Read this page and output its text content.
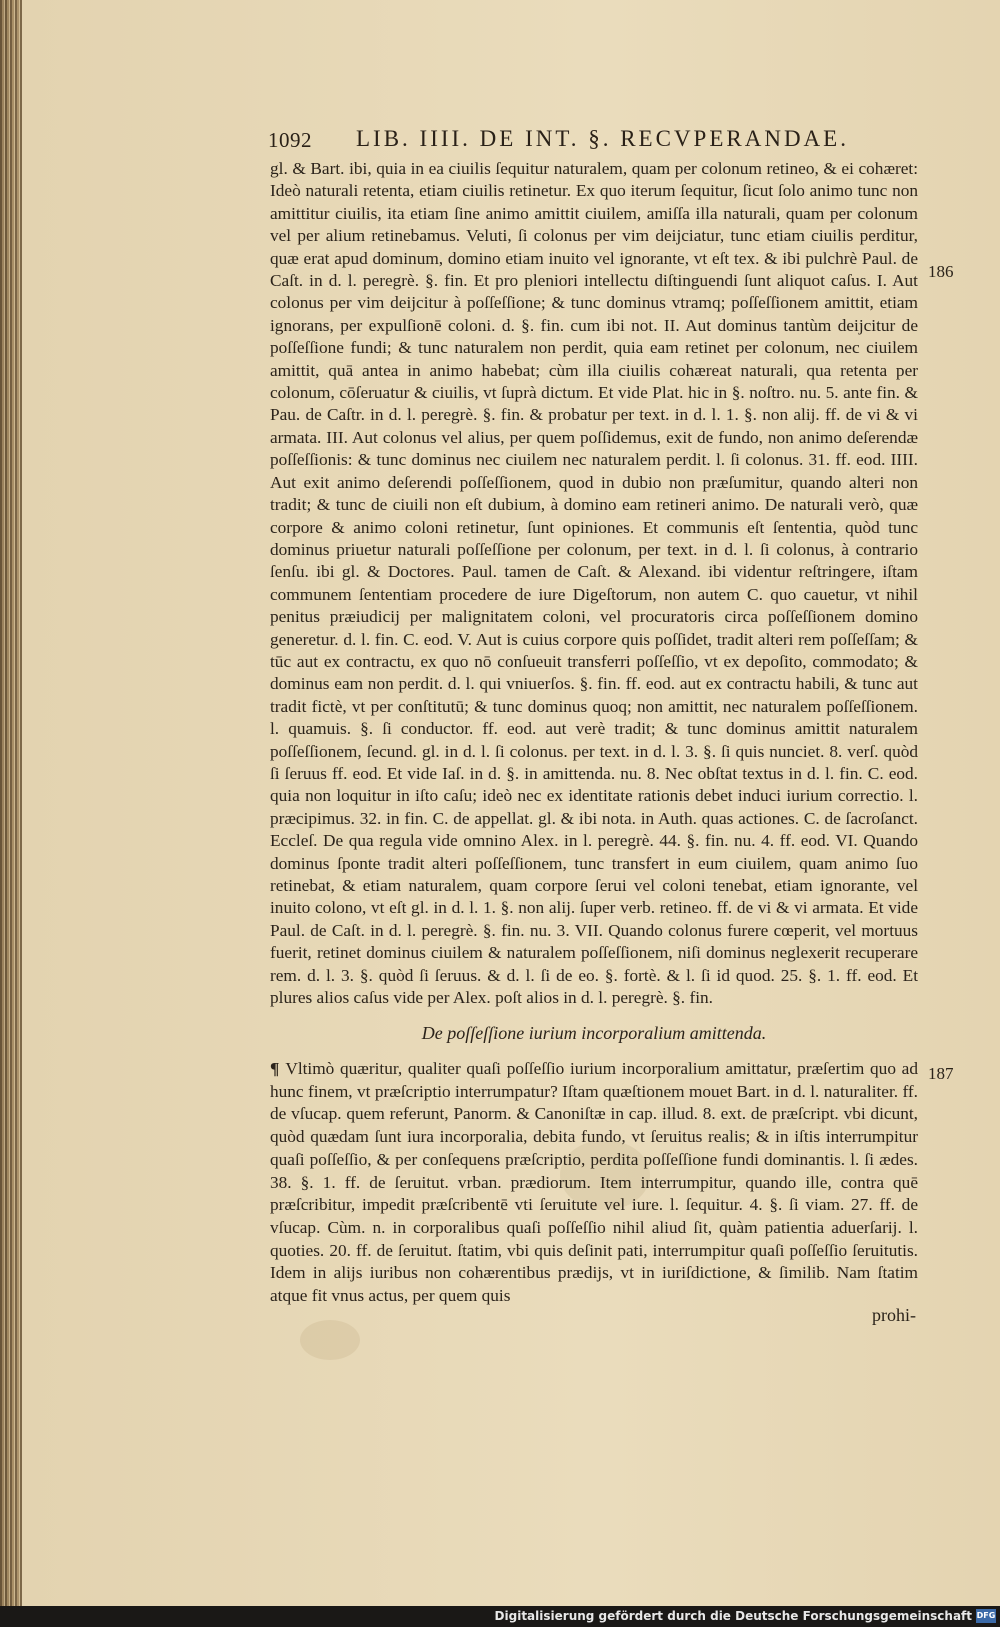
1092 LIB. IIII. DE INT. §. RECVPERANDAE.

gl. & Bart. ibi, quia in ea ciuilis ſequitur naturalem, quam per colonum retineo, & ei cohæret: Ideò naturali retenta, etiam ciuilis retinetur. Ex quo iterum ſequitur, ſicut ſolo animo tunc non amittitur ciuilis, ita etiam ſine animo amittit ciuilem, amiſſa illa naturali, quam per colonum vel per alium retinebamus. Veluti, ſi colonus per vim deijciatur, tunc etiam ciuilis perditur, quæ erat apud dominum, domino etiam inuito vel ignorante, vt eſt tex. & ibi pulchrè Paul. de Caſt. in d. l. peregrè. §. fin. Et pro pleniori intellectu diſtinguendi ſunt aliquot caſus. I. Aut colonus per vim deijcitur à poſſeſſione; & tunc dominus vtramq; poſſeſſionem amittit, etiam ignorans, per expulſionē coloni. d. §. fin. cum ibi not. II. Aut dominus tantùm deijcitur de poſſeſſione fundi; & tunc naturalem non perdit, quia eam retinet per colonum, nec ciuilem amittit, quā antea in animo habebat; cùm illa ciuilis cohæreat naturali, qua retenta per colonum, cōſeruatur & ciuilis, vt ſuprà dictum. Et vide Plat. hic in §. noſtro. nu. 5. ante fin. & Pau. de Caſtr. in d. l. peregrè. §. fin. & probatur per text. in d. l. 1. §. non alij. ff. de vi & vi armata. III. Aut colonus vel alius, per quem poſſidemus, exit de fundo, non animo deſerendæ poſſeſſionis: & tunc dominus nec ciuilem nec naturalem perdit. l. ſi colonus. 31. ff. eod. IIII. Aut exit animo deſerendi poſſeſſionem, quod in dubio non præſumitur, quando alteri non tradit; & tunc de ciuili non eſt dubium, à domino eam retineri animo. De naturali verò, quæ corpore & animo coloni retinetur, ſunt opiniones. Et communis eſt ſententia, quòd tunc dominus priuetur naturali poſſeſſione per colonum, per text. in d. l. ſi colonus, à contrario ſenſu. ibi gl. & Doctores. Paul. tamen de Caſt. & Alexand. ibi videntur reſtringere, iſtam communem ſententiam procedere de iure Digeſtorum, non autem C. quo cauetur, vt nihil penitus præiudicij per malignitatem coloni, vel procuratoris circa poſſeſſionem domino generetur. d. l. fin. C. eod. V. Aut is cuius corpore quis poſſidet, tradit alteri rem poſſeſſam; & tūc aut ex contractu, ex quo nō conſueuit transferri poſſeſſio, vt ex depoſito, commodato; & dominus eam non perdit. d. l. qui vniuerſos. §. fin. ff. eod. aut ex contractu habili, & tunc aut tradit fictè, vt per conſtitutū; & tunc dominus quoq; non amittit, nec naturalem poſſeſſionem. l. quamuis. §. ſi conductor. ff. eod. aut verè tradit; & tunc dominus amittit naturalem poſſeſſionem, ſecund. gl. in d. l. ſi colonus. per text. in d. l. 3. §. ſi quis nunciet. 8. verſ. quòd ſi ſeruus ff. eod. Et vide Iaſ. in d. §. in amittenda. nu. 8. Nec obſtat textus in d. l. fin. C. eod. quia non loquitur in iſto caſu; ideò nec ex identitate rationis debet induci iurium correctio. l. præcipimus. 32. in fin. C. de appellat. gl. & ibi nota. in Auth. quas actiones. C. de ſacroſanct. Eccleſ. De qua regula vide omnino Alex. in l. peregrè. 44. §. fin. nu. 4. ff. eod. VI. Quando dominus ſponte tradit alteri poſſeſſionem, tunc transfert in eum ciuilem, quam animo ſuo retinebat, & etiam naturalem, quam corpore ſerui vel coloni tenebat, etiam ignorante, vel inuito colono, vt eſt gl. in d. l. 1. §. non alij. ſuper verb. retineo. ff. de vi & vi armata. Et vide Paul. de Caſt. in d. l. peregrè. §. fin. nu. 3. VII. Quando colonus furere cœperit, vel mortuus fuerit, retinet dominus ciuilem & naturalem poſſeſſionem, niſi dominus neglexerit recuperare rem. d. l. 3. §. quòd ſi ſeruus. & d. l. ſi de eo. §. fortè. & l. ſi id quod. 25. §. 1. ff. eod. Et plures alios caſus vide per Alex. poſt alios in d. l. peregrè. §. fin.

186
De poſſeſſione iurium incorporalium amittenda.

¶ Vltimò quæritur, qualiter quaſi poſſeſſio iurium incorporalium amittatur, præſertim quo ad hunc finem, vt præſcriptio interrumpatur? Iſtam quæſtionem mouet Bart. in d. l. naturaliter. ff. de vſucap. quem referunt, Panorm. & Canoniſtæ in cap. illud. 8. ext. de præſcript. vbi dicunt, quòd quædam ſunt iura incorporalia, debita fundo, vt ſeruitus realis; & in iſtis interrumpitur quaſi poſſeſſio, & per conſequens præſcriptio, perdita poſſeſſione fundi dominantis. l. ſi ædes. 38. §. 1. ff. de ſeruitut. vrban. prædiorum. Item interrumpitur, quando ille, contra quē præſcribitur, impedit præſcribentē vti ſeruitute vel iure. l. ſequitur. 4. §. ſi viam. 27. ff. de vſucap. Cùm. n. in corporalibus quaſi poſſeſſio nihil aliud ſit, quàm patientia aduerſarij. l. quoties. 20. ff. de ſeruitut. ſtatim, vbi quis deſinit pati, interrumpitur quaſi poſſeſſio ſeruitutis. Idem in alijs iuribus non cohærentibus prædijs, vt in iuriſdictione, & ſimilib. Nam ſtatim atque fit vnus actus, per quem quis

187
prohi-
Digitalisierung gefördert durch die Deutsche Forschungsgemeinschaft DFG
